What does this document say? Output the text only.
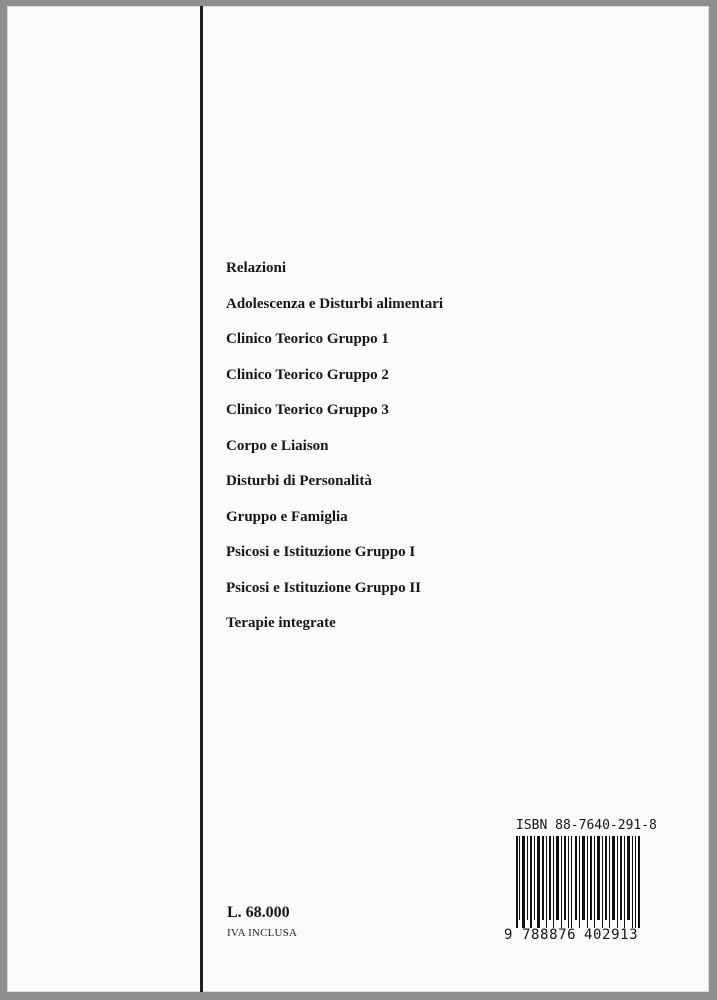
Relazioni
Adolescenza e Disturbi alimentari
Clinico Teorico Gruppo 1
Clinico Teorico Gruppo 2
Clinico Teorico Gruppo 3
Corpo e Liaison
Disturbi di Personalità
Gruppo e Famiglia
Psicosi e Istituzione Gruppo I
Psicosi e Istituzione Gruppo II
Terapie integrate
L. 68.000
IVA INCLUSA
ISBN 88-7640-291-8
9 788876 402913
